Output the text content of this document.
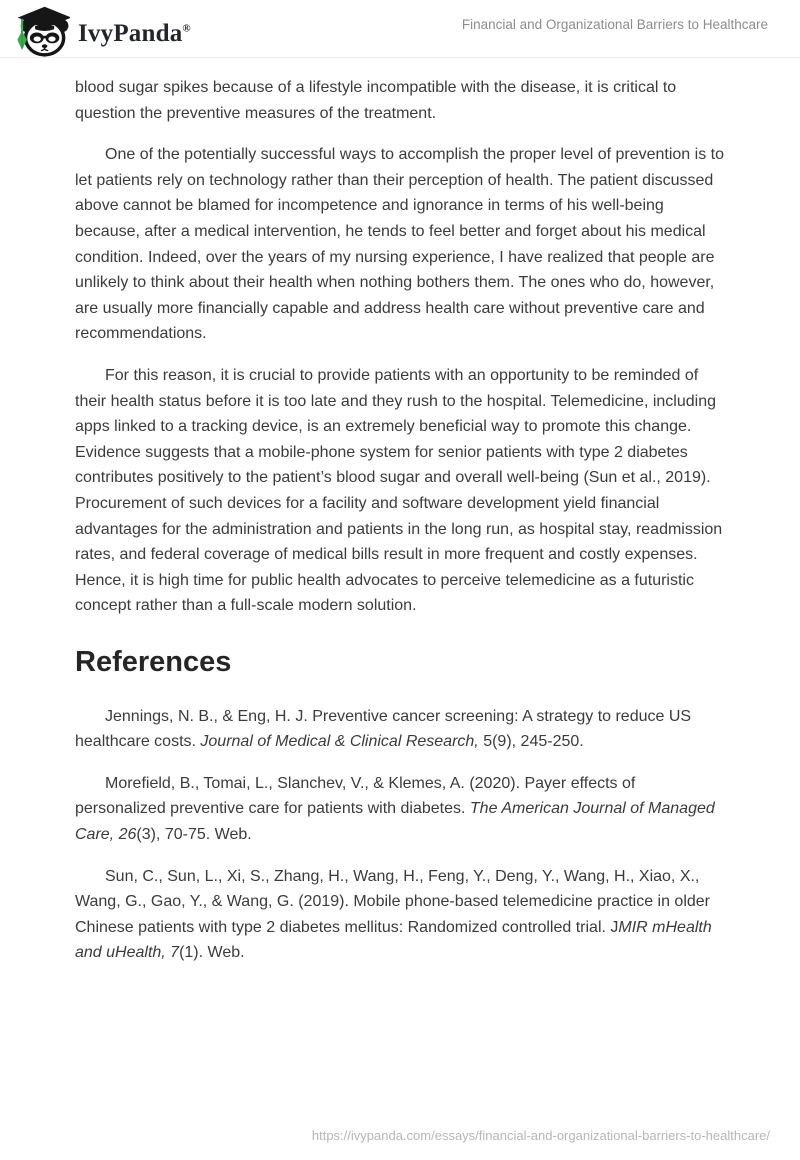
IvyPanda®	Financial and Organizational Barriers to Healthcare

blood sugar spikes because of a lifestyle incompatible with the disease, it is critical to question the preventive measures of the treatment.

One of the potentially successful ways to accomplish the proper level of prevention is to let patients rely on technology rather than their perception of health. The patient discussed above cannot be blamed for incompetence and ignorance in terms of his well-being because, after a medical intervention, he tends to feel better and forget about his medical condition. Indeed, over the years of my nursing experience, I have realized that people are unlikely to think about their health when nothing bothers them. The ones who do, however, are usually more financially capable and address health care without preventive care and recommendations.

For this reason, it is crucial to provide patients with an opportunity to be reminded of their health status before it is too late and they rush to the hospital. Telemedicine, including apps linked to a tracking device, is an extremely beneficial way to promote this change. Evidence suggests that a mobile-phone system for senior patients with type 2 diabetes contributes positively to the patient’s blood sugar and overall well-being (Sun et al., 2019). Procurement of such devices for a facility and software development yield financial advantages for the administration and patients in the long run, as hospital stay, readmission rates, and federal coverage of medical bills result in more frequent and costly expenses. Hence, it is high time for public health advocates to perceive telemedicine as a futuristic concept rather than a full-scale modern solution.

References

Jennings, N. B., & Eng, H. J. Preventive cancer screening: A strategy to reduce US healthcare costs. Journal of Medical & Clinical Research, 5(9), 245-250.

Morefield, B., Tomai, L., Slanchev, V., & Klemes, A. (2020). Payer effects of personalized preventive care for patients with diabetes. The American Journal of Managed Care, 26(3), 70-75. Web.

Sun, C., Sun, L., Xi, S., Zhang, H., Wang, H., Feng, Y., Deng, Y., Wang, H., Xiao, X., Wang, G., Gao, Y., & Wang, G. (2019). Mobile phone-based telemedicine practice in older Chinese patients with type 2 diabetes mellitus: Randomized controlled trial. JMIR mHealth and uHealth, 7(1). Web.

https://ivypanda.com/essays/financial-and-organizational-barriers-to-healthcare/
